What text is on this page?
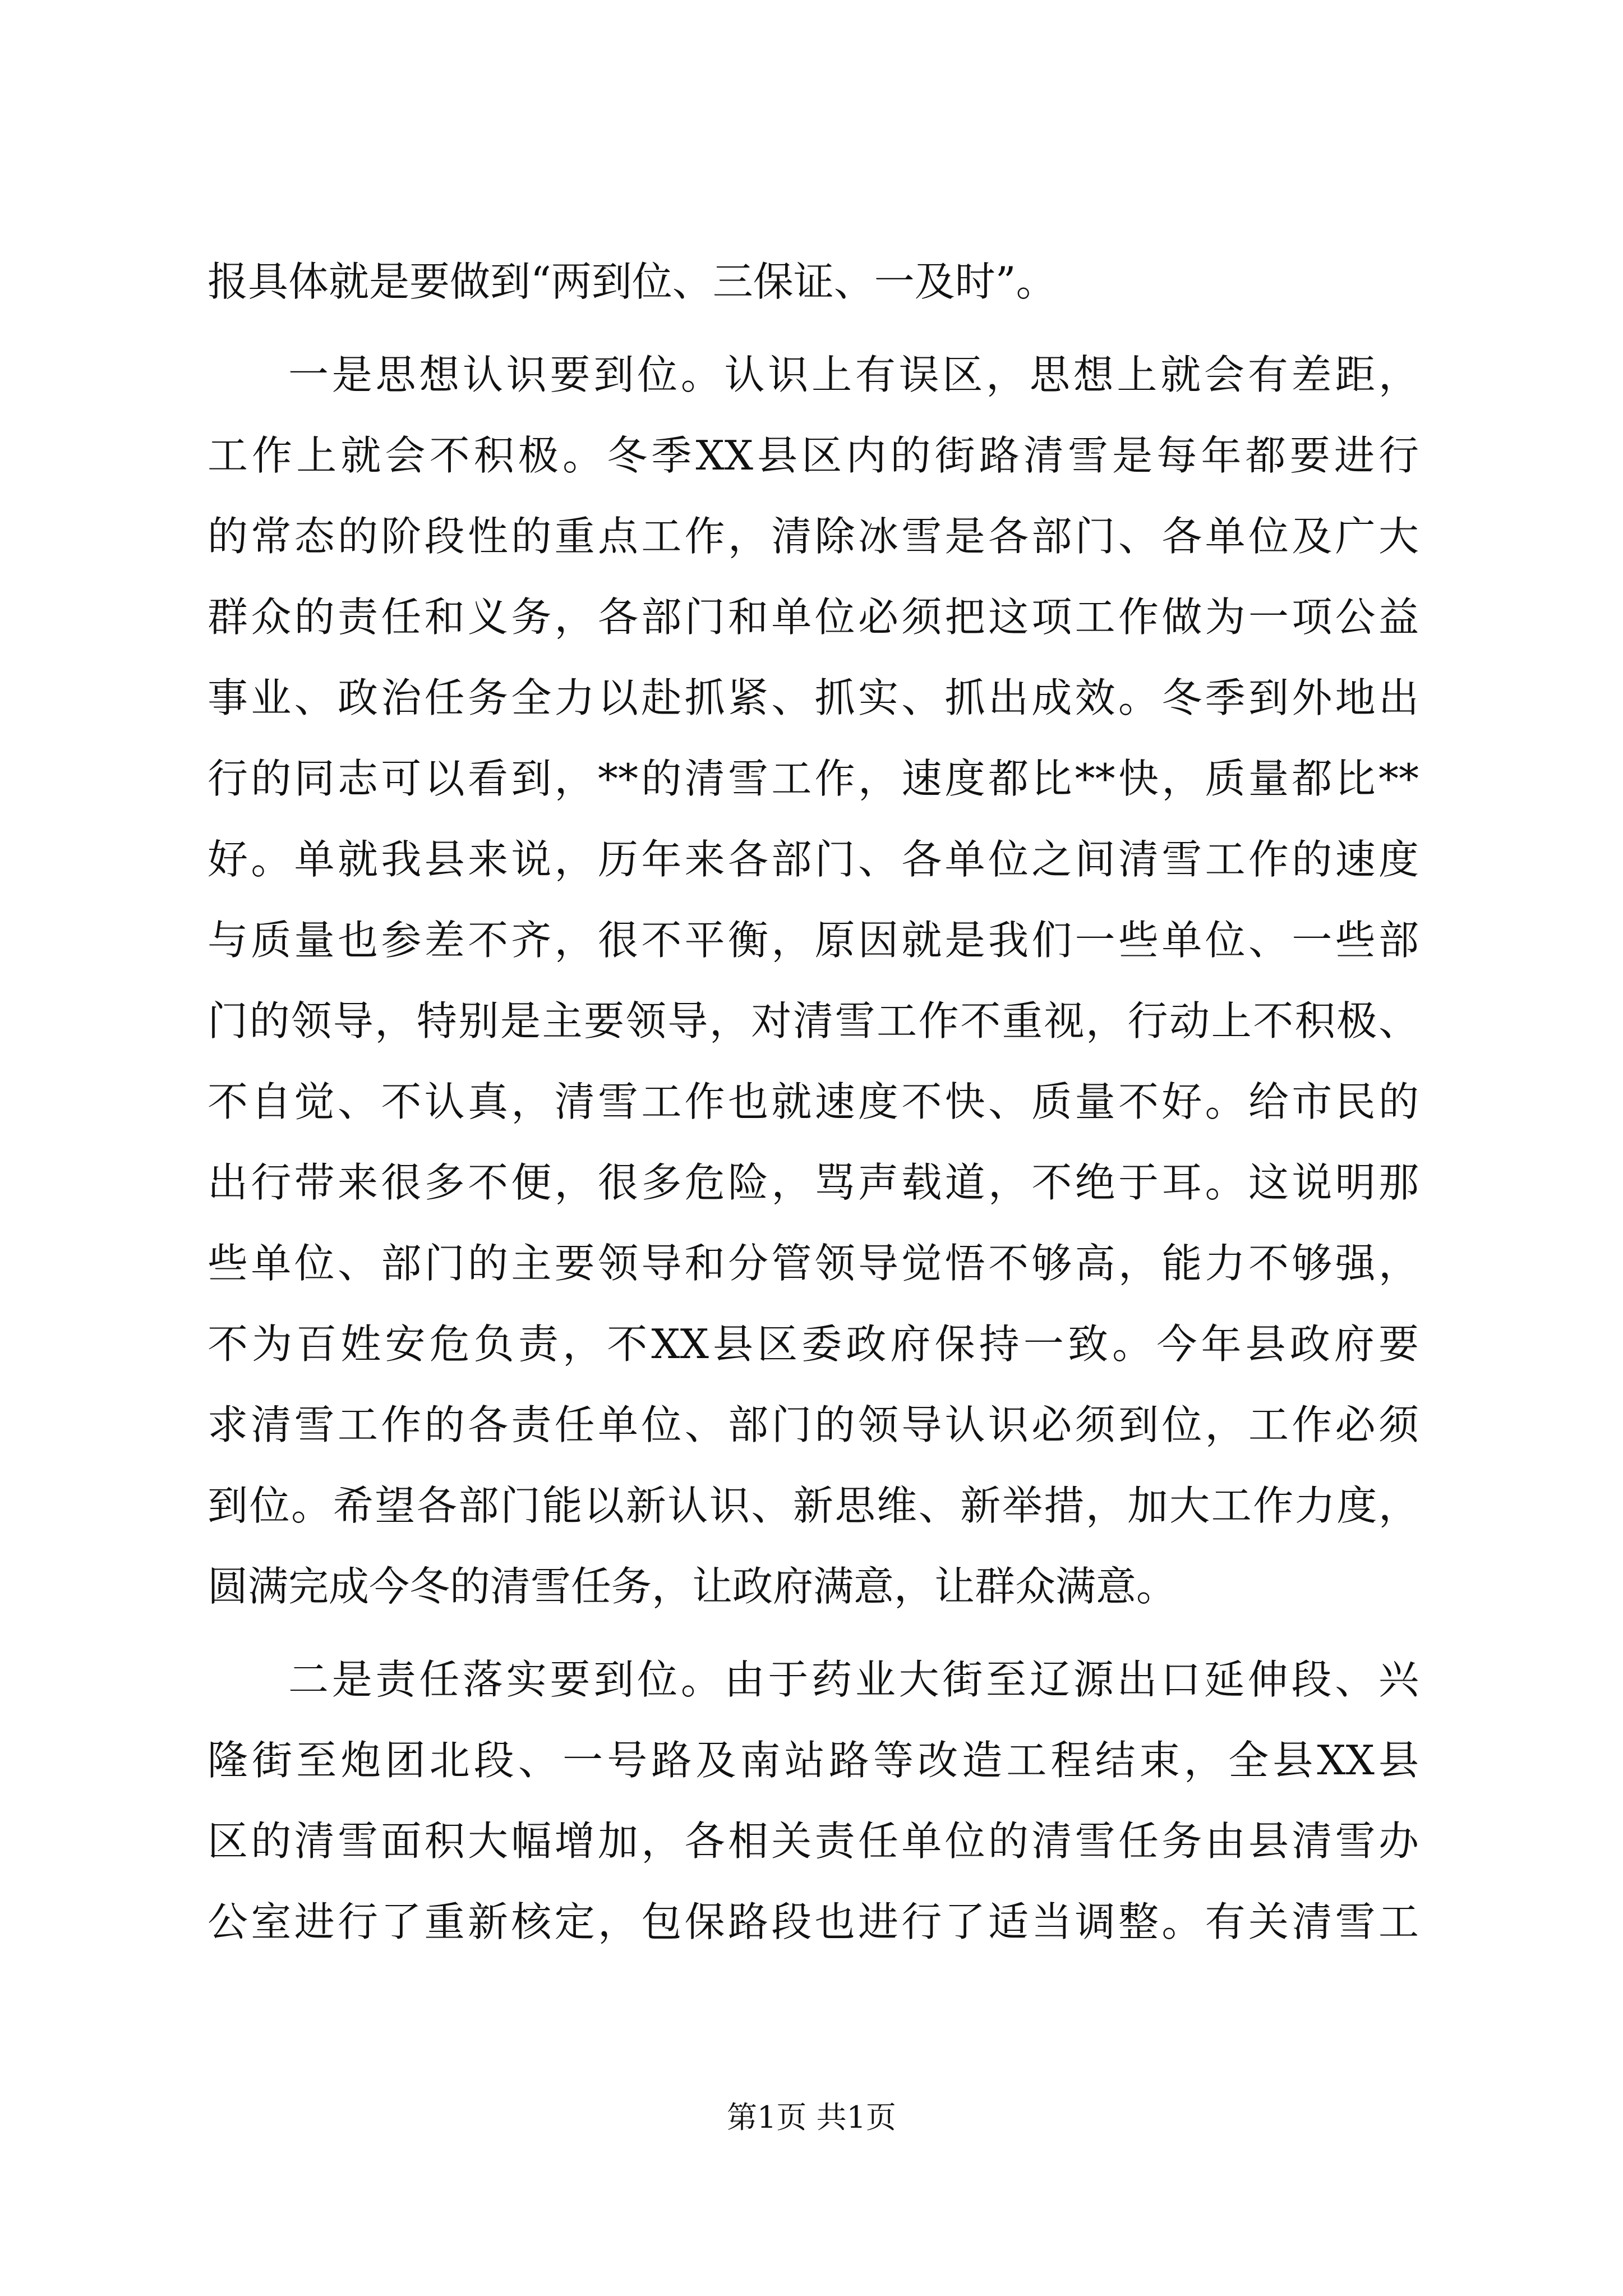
报具体就是要做到“两到位、三保证、一及时”。
一是思想认识要到位。认识上有误区，思想上就会有差距，
工作上就会不积极。冬季XX县区内的街路清雪是每年都要进行
的常态的阶段性的重点工作，清除冰雪是各部门、各单位及广大
群众的责任和义务，各部门和单位必须把这项工作做为一项公益
事业、政治任务全力以赴抓紧、抓实、抓出成效。冬季到外地出
行的同志可以看到，**的清雪工作，速度都比**快，质量都比**
好。单就我县来说，历年来各部门、各单位之间清雪工作的速度
与质量也参差不齐，很不平衡，原因就是我们一些单位、一些部
门的领导，特别是主要领导，对清雪工作不重视，行动上不积极、
不自觉、不认真，清雪工作也就速度不快、质量不好。给市民的
出行带来很多不便，很多危险，骂声载道，不绝于耳。这说明那
些单位、部门的主要领导和分管领导觉悟不够高，能力不够强，
不为百姓安危负责，不XX县区委政府保持一致。今年县政府要
求清雪工作的各责任单位、部门的领导认识必须到位，工作必须
到位。希望各部门能以新认识、新思维、新举措，加大工作力度，
圆满完成今冬的清雪任务，让政府满意，让群众满意。
二是责任落实要到位。由于药业大街至辽源出口延伸段、兴
隆街至炮团北段、一号路及南站路等改造工程结束，全县XX县
区的清雪面积大幅增加，各相关责任单位的清雪任务由县清雪办
公室进行了重新核定，包保路段也进行了适当调整。有关清雪工
第1页 共1页
